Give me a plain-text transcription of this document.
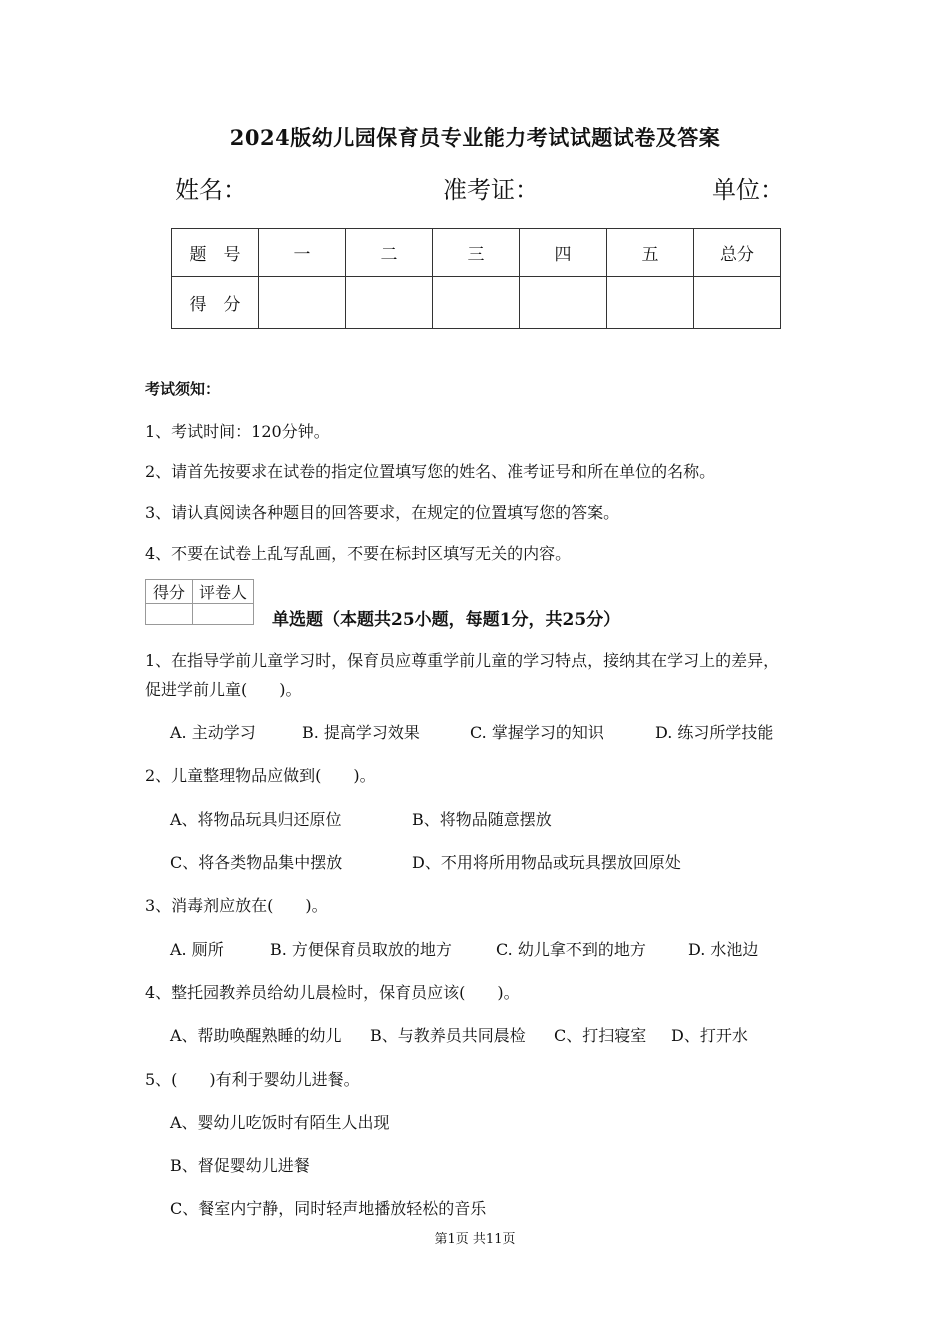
2024版幼儿园保育员专业能力考试试题试卷及答案
姓名：	准考证：	单位：
题　号	一	二	三	四	五	总分
得　分						
考试须知：
1、考试时间：120分钟。
2、请首先按要求在试卷的指定位置填写您的姓名、准考证号和所在单位的名称。
3、请认真阅读各种题目的回答要求，在规定的位置填写您的答案。
4、不要在试卷上乱写乱画，不要在标封区填写无关的内容。
得分	评卷人

单选题（本题共25小题，每题1分，共25分）
1、在指导学前儿童学习时，保育员应尊重学前儿童的学习特点，接纳其在学习上的差异，
促进学前儿童(　　)。
A. 主动学习	B. 提高学习效果	C. 掌握学习的知识	D. 练习所学技能
2、儿童整理物品应做到(　　)。
A、将物品玩具归还原位	B、将物品随意摆放
C、将各类物品集中摆放	D、不用将所用物品或玩具摆放回原处
3、消毒剂应放在(　　)。
A. 厕所	B. 方便保育员取放的地方	C. 幼儿拿不到的地方	D. 水池边
4、整托园教养员给幼儿晨检时，保育员应该(　　)。
A、帮助唤醒熟睡的幼儿 B、与教养员共同晨检 C、打扫寝室 D、打开水
5、(　　)有利于婴幼儿进餐。
A、婴幼儿吃饭时有陌生人出现
B、督促婴幼儿进餐
C、餐室内宁静，同时轻声地播放轻松的音乐
第1页 共11页
